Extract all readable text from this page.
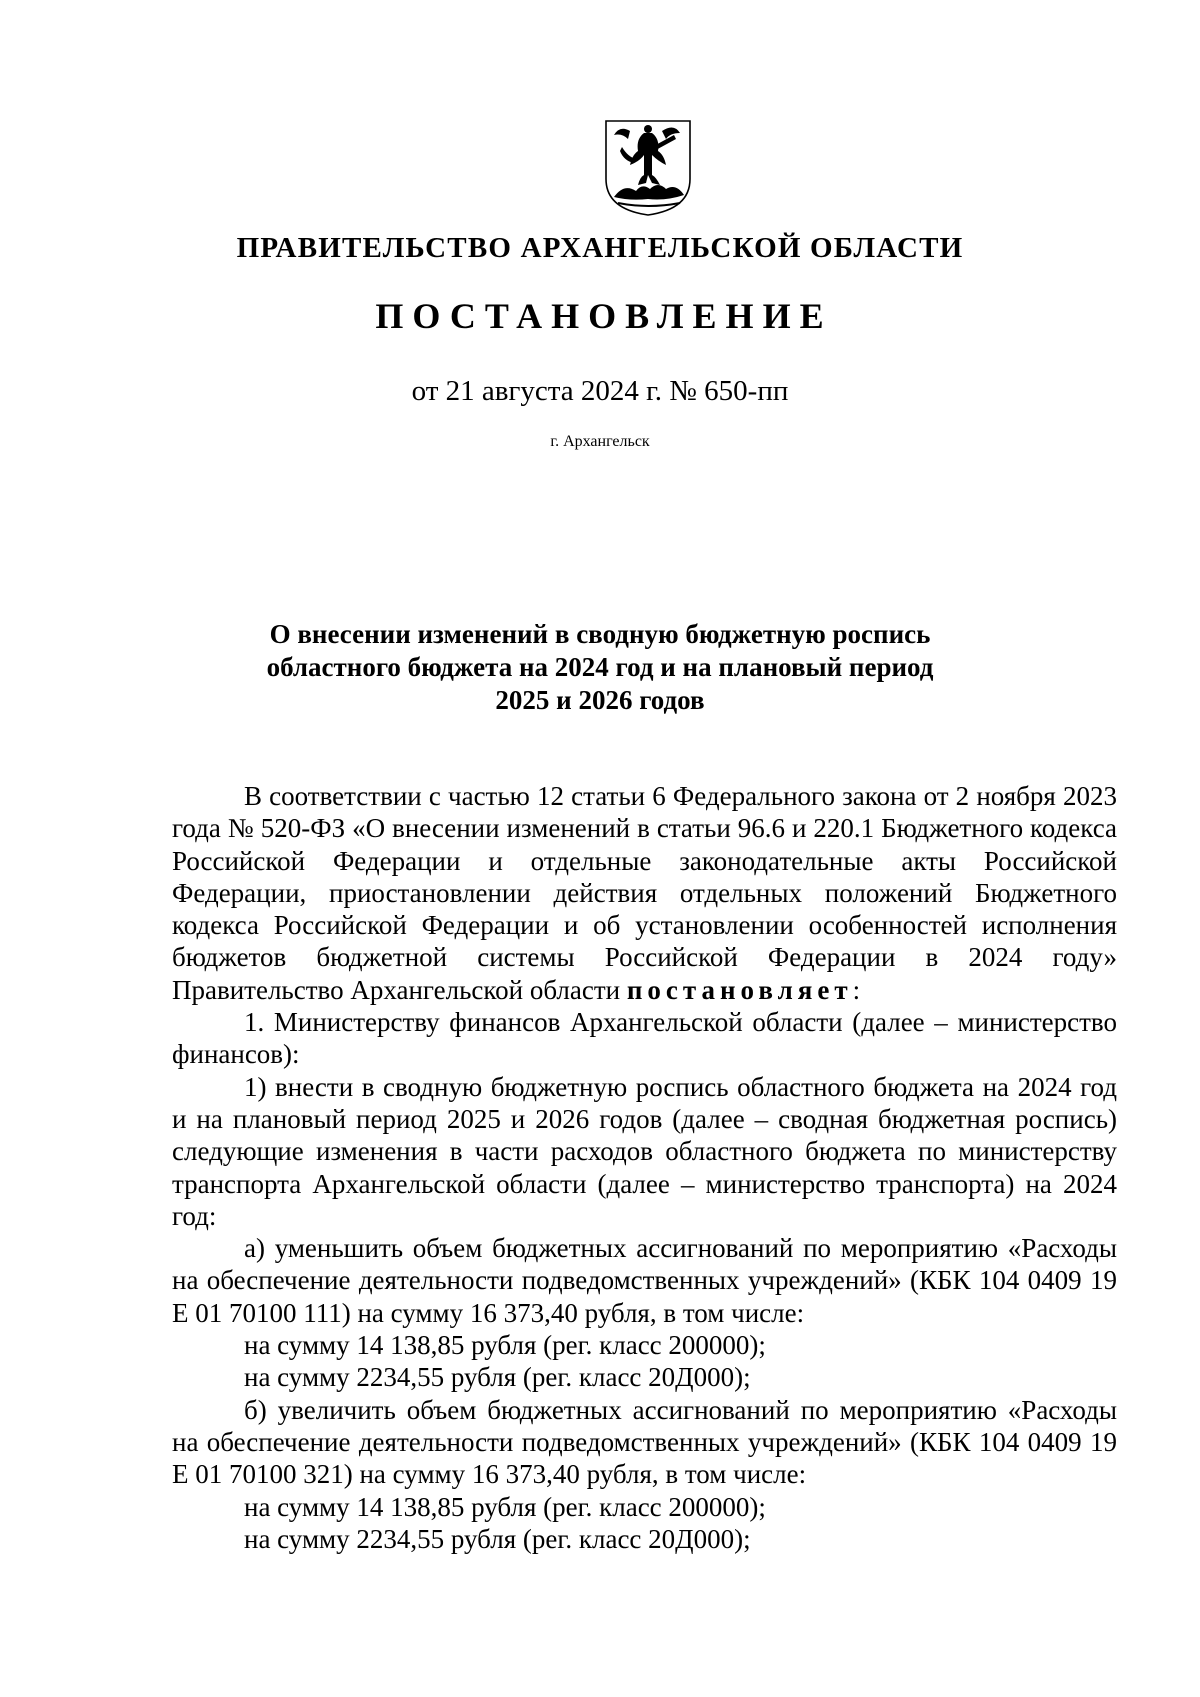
ПРАВИТЕЛЬСТВО АРХАНГЕЛЬСКОЙ ОБЛАСТИ
ПОСТАНОВЛЕНИЕ
от 21 августа 2024 г. № 650-пп
г. Архангельск
О внесении изменений в сводную бюджетную роспись
областного бюджета на 2024 год и на плановый период
2025 и 2026 годов

В соответствии с частью 12 статьи 6 Федерального закона от 2 ноября 2023 года № 520-ФЗ «О внесении изменений в статьи 96.6 и 220.1 Бюджетного кодекса Российской Федерации и отдельные законодательные акты Российской Федерации, приостановлении действия отдельных положений Бюджетного кодекса Российской Федерации и об установлении особенностей исполнения бюджетов бюджетной системы Российской Федерации в 2024 году» Правительство Архангельской области постановляет:

1. Министерству финансов Архангельской области (далее – министерство финансов):

1) внести в сводную бюджетную роспись областного бюджета на 2024 год и на плановый период 2025 и 2026 годов (далее – сводная бюджетная роспись) следующие изменения в части расходов областного бюджета по министерству транспорта Архангельской области (далее – министерство транспорта) на 2024 год:

а) уменьшить объем бюджетных ассигнований по мероприятию «Расходы на обеспечение деятельности подведомственных учреждений» (КБК 104 0409 19 Е 01 70100 111) на сумму 16 373,40 рубля, в том числе:

на сумму 14 138,85 рубля (рег. класс 200000);

на сумму 2234,55 рубля (рег. класс 20Д000);

б) увеличить объем бюджетных ассигнований по мероприятию «Расходы на обеспечение деятельности подведомственных учреждений» (КБК 104 0409 19 Е 01 70100 321) на сумму 16 373,40 рубля, в том числе:

на сумму 14 138,85 рубля (рег. класс 200000);

на сумму 2234,55 рубля (рег. класс 20Д000);
